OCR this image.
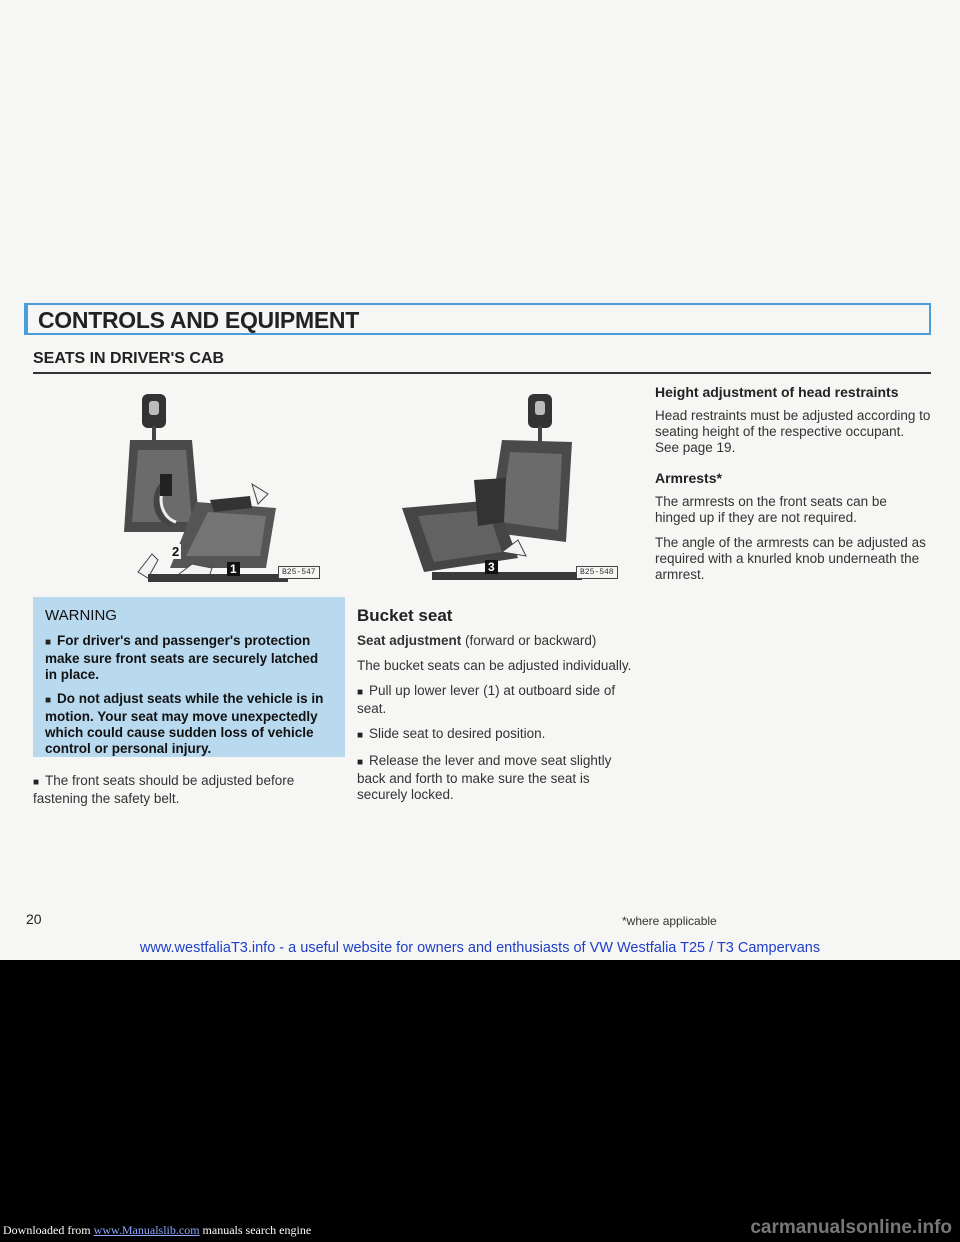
CONTROLS AND EQUIPMENT
SEATS IN DRIVER'S CAB
2
1	B25-547	3	B25-548
WARNING

■ For driver's and passenger's protection make sure front seats are securely latched in place.

■ Do not adjust seats while the vehicle is in motion. Your seat may move unexpectedly which could cause sudden loss of vehicle control or personal injury.

■ The front seats should be adjusted before fastening the safety belt.

Bucket seat

Seat adjustment (forward or backward)

The bucket seats can be adjusted individually.

■ Pull up lower lever (1) at outboard side of seat.

■ Slide seat to desired position.

■ Release the lever and move seat slightly back and forth to make sure the seat is securely locked.

Height adjustment of head restraints

Head restraints must be adjusted according to seating height of the respective occupant. See page 19.

Armrests*

The armrests on the front seats can be hinged up if they are not required.

The angle of the armrests can be adjusted as required with a knurled knob underneath the armrest.

20	*where applicable
www.westfaliaT3.info - a useful website for owners and enthusiasts of VW Westfalia T25 / T3 Campervans
Downloaded from www.Manualslib.com manuals search engine	carmanualsonline.info
